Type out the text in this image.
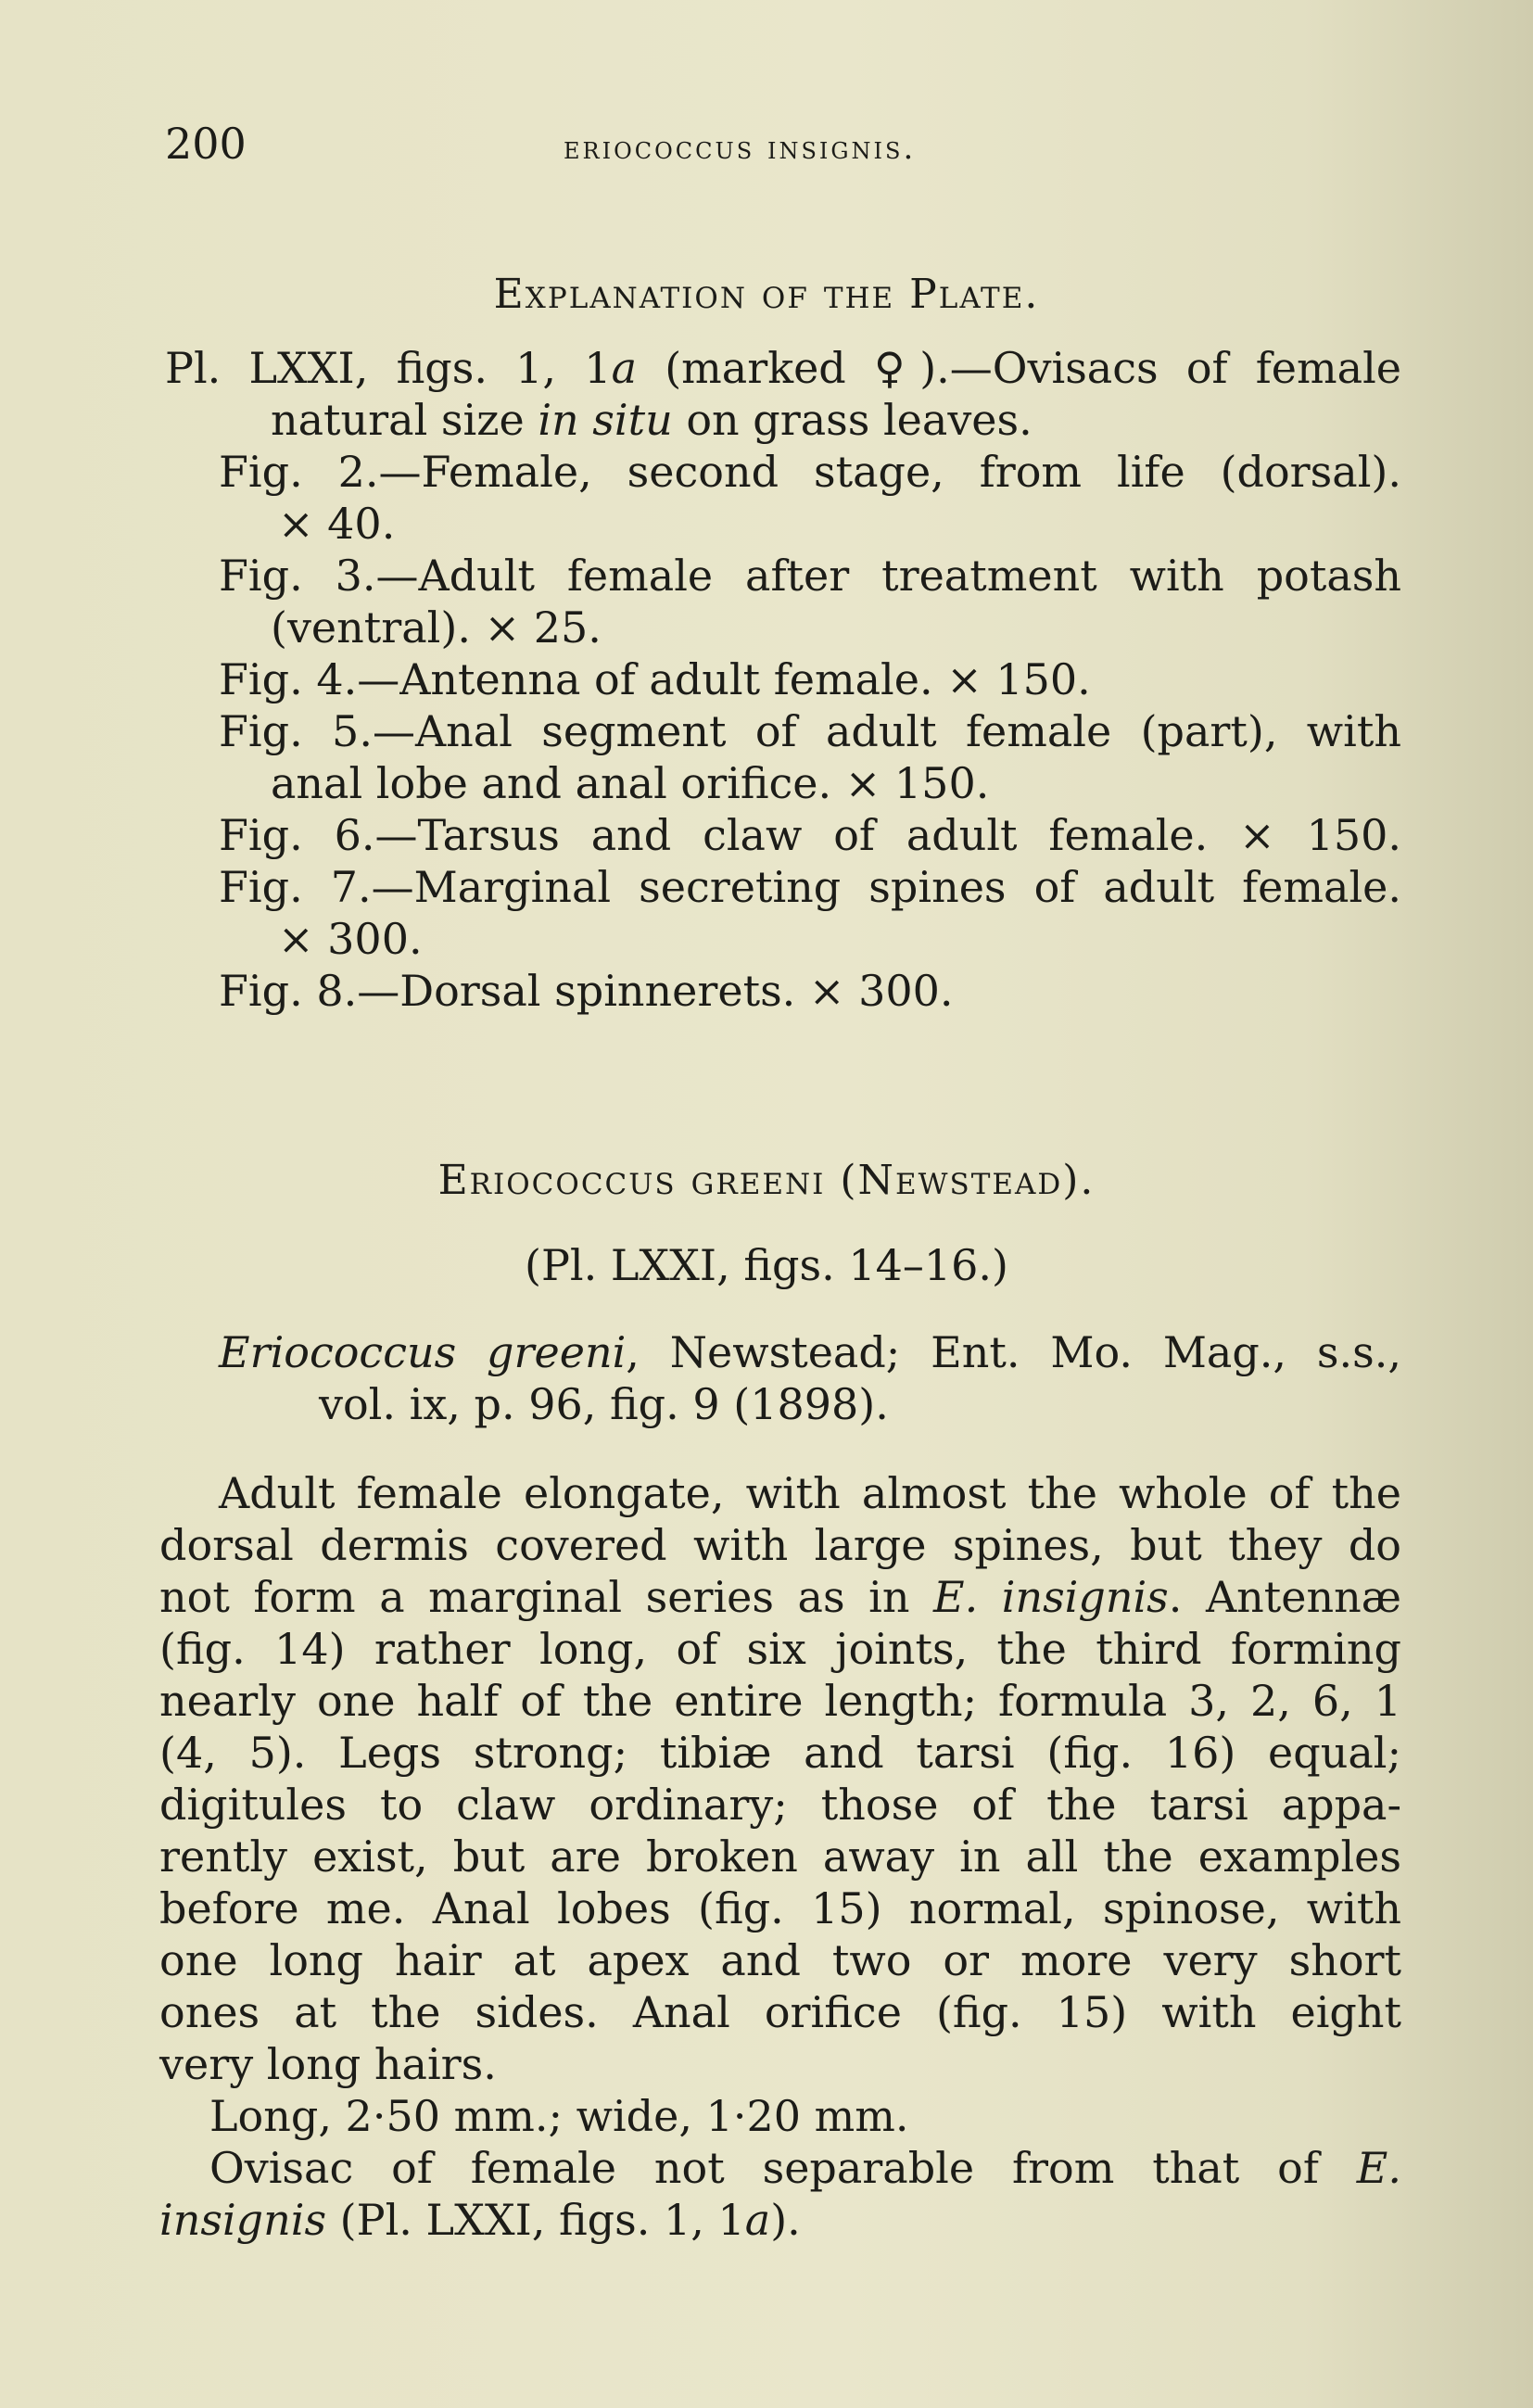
200	eriococcus insignis.
Explanation of the Plate.
Pl. LXXI, figs. 1, 1a (marked ♀).—Ovisacs of female
natural size in situ on grass leaves.
Fig. 2.—Female, second stage, from life (dorsal).
× 40.
Fig. 3.—Adult female after treatment with potash
(ventral). × 25.
Fig. 4.—Antenna of adult female. × 150.
Fig. 5.—Anal segment of adult female (part), with
anal lobe and anal orifice. × 150.
Fig. 6.—Tarsus and claw of adult female. × 150.
Fig. 7.—Marginal secreting spines of adult female.
× 300.
Fig. 8.—Dorsal spinnerets. × 300.
Eriococcus greeni (Newstead).
(Pl. LXXI, figs. 14–16.)
Eriococcus greeni, Newstead; Ent. Mo. Mag., s.s.,
vol. ix, p. 96, fig. 9 (1898).
Adult female elongate, with almost the whole of the
dorsal dermis covered with large spines, but they do
not form a marginal series as in E. insignis. Antennæ
(fig. 14) rather long, of six joints, the third forming
nearly one half of the entire length; formula 3, 2, 6, 1
(4, 5). Legs strong; tibiæ and tarsi (fig. 16) equal;
digitules to claw ordinary; those of the tarsi appa-
rently exist, but are broken away in all the examples
before me. Anal lobes (fig. 15) normal, spinose, with
one long hair at apex and two or more very short
ones at the sides. Anal orifice (fig. 15) with eight
very long hairs.
Long, 2·50 mm.; wide, 1·20 mm.
Ovisac of female not separable from that of E.
insignis (Pl. LXXI, figs. 1, 1a).
